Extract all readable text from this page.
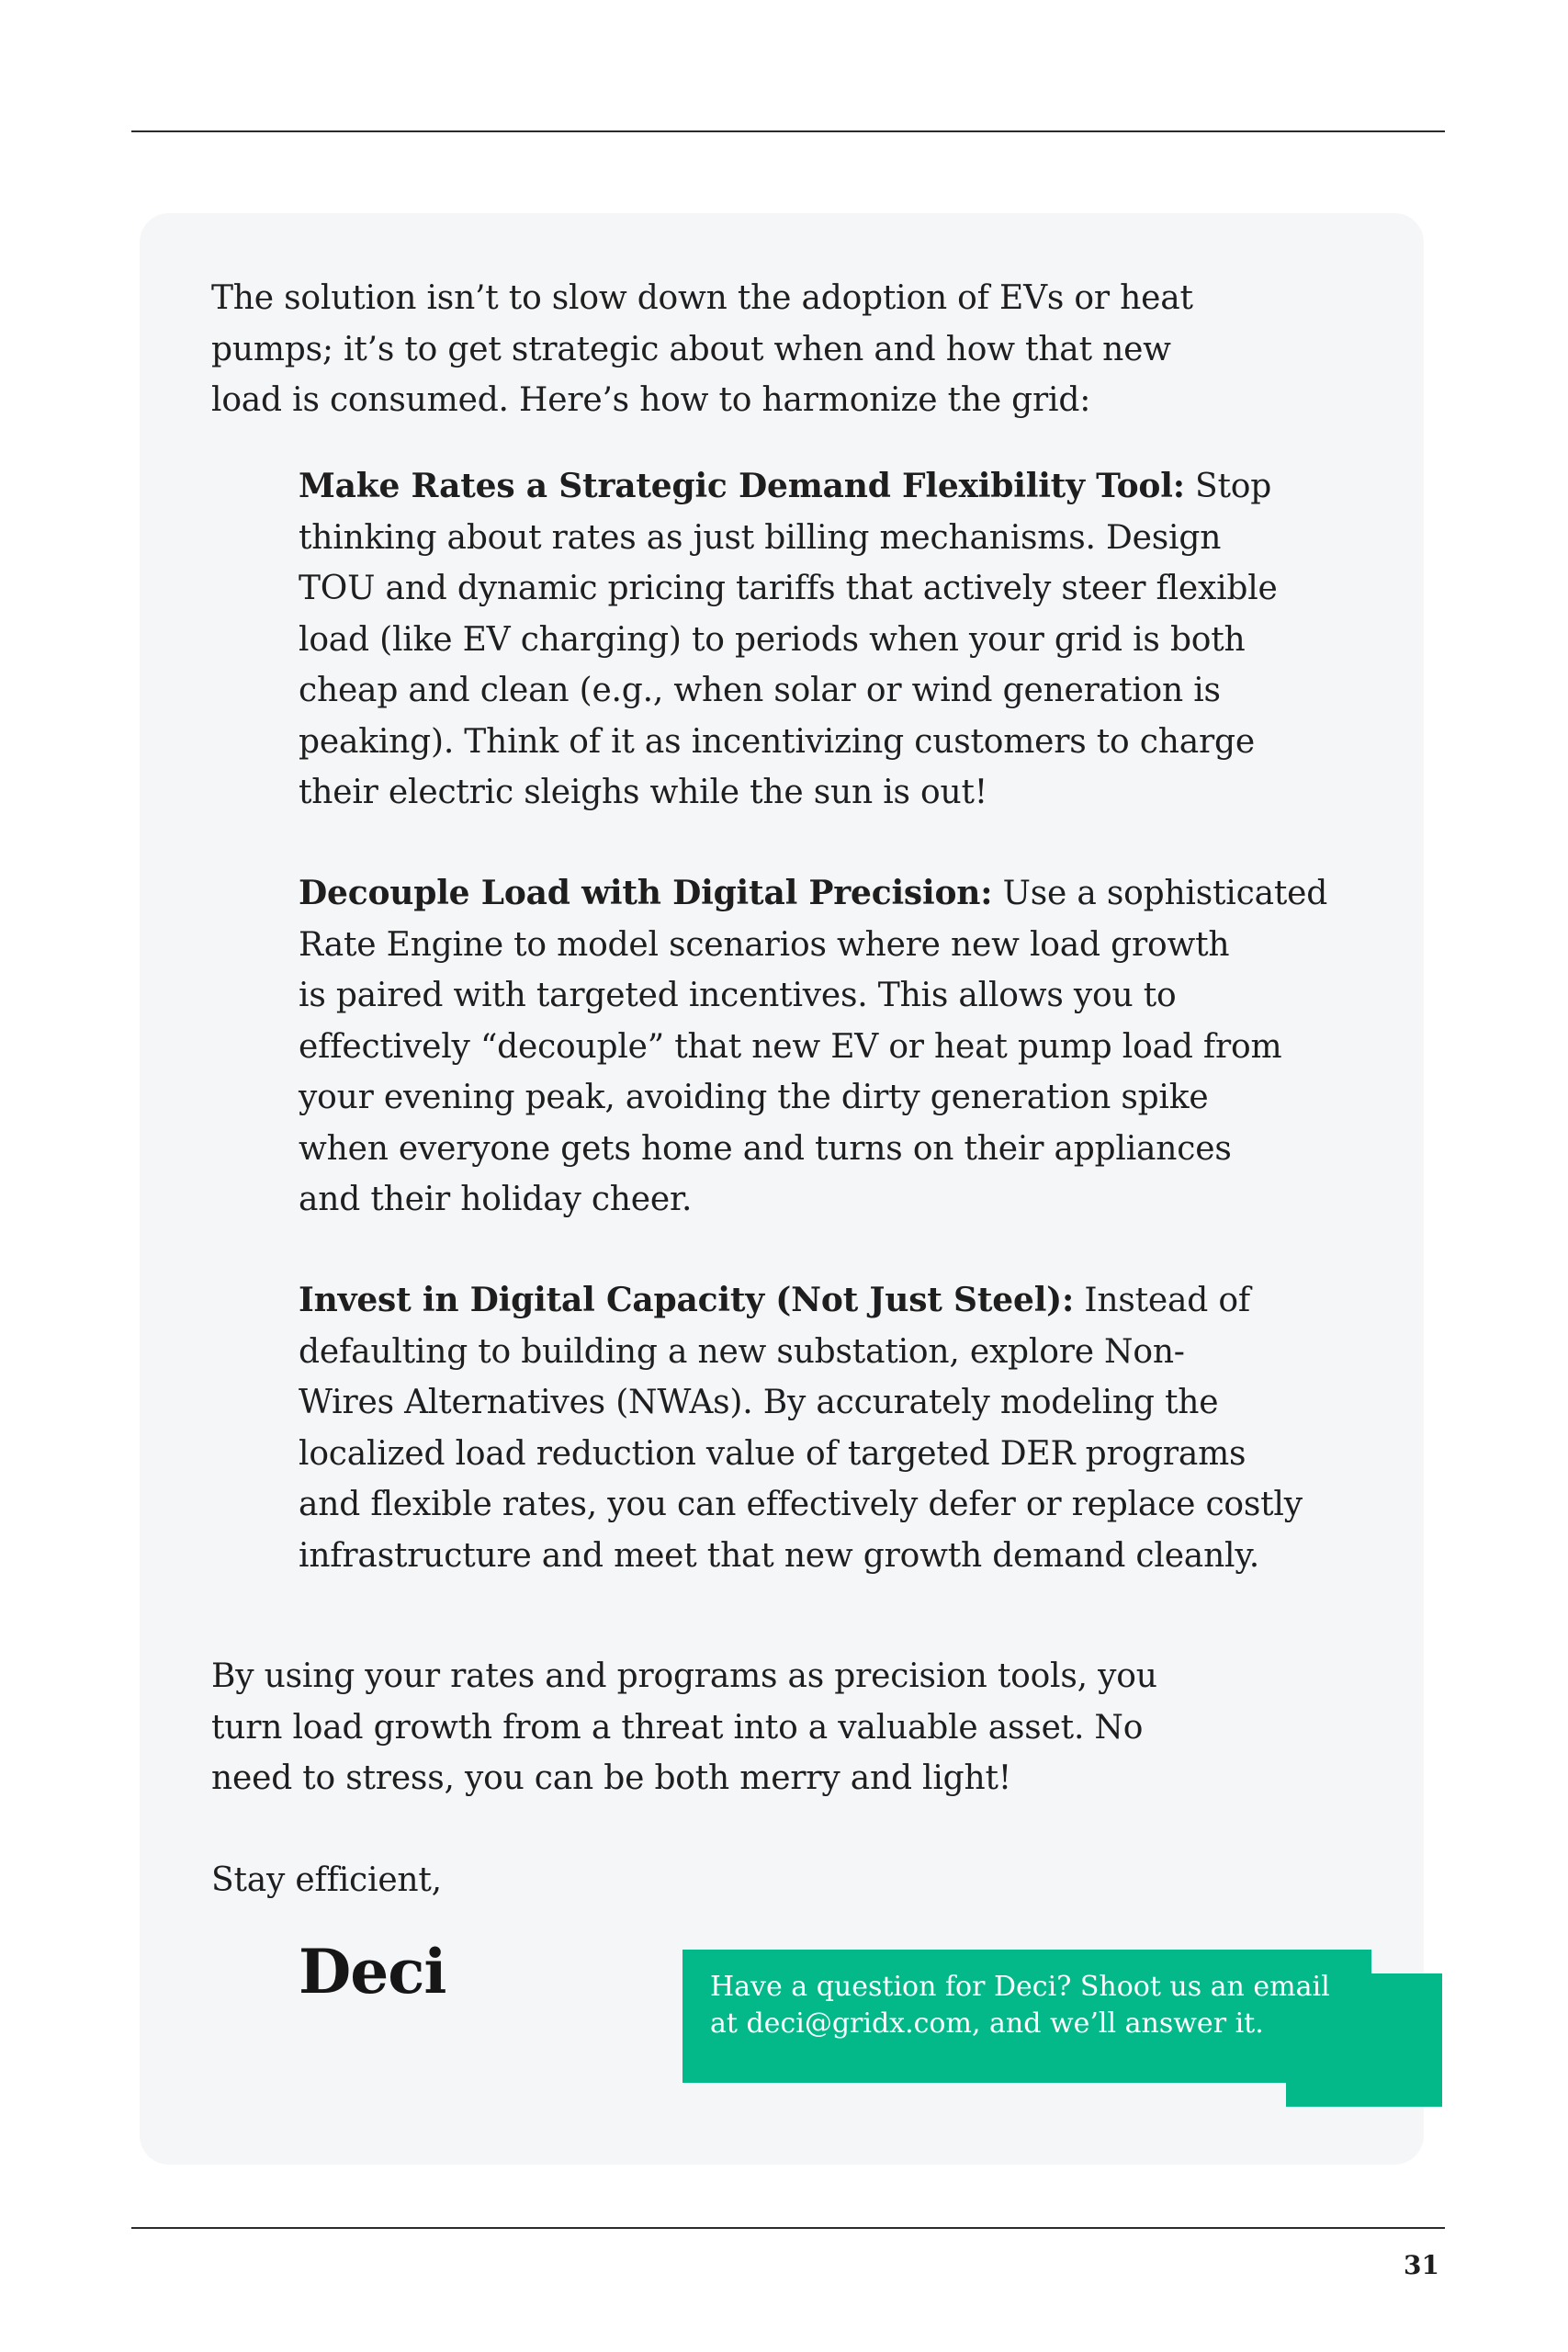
The solution isn’t to slow down the adoption of EVs or heat
pumps; it’s to get strategic about when and how that new
load is consumed. Here’s how to harmonize the grid:

Make Rates a Strategic Demand Flexibility Tool: Stop
thinking about rates as just billing mechanisms. Design
TOU and dynamic pricing tariffs that actively steer flexible
load (like EV charging) to periods when your grid is both
cheap and clean (e.g., when solar or wind generation is
peaking). Think of it as incentivizing customers to charge
their electric sleighs while the sun is out!

Decouple Load with Digital Precision: Use a sophisticated
Rate Engine to model scenarios where new load growth
is paired with targeted incentives. This allows you to
effectively “decouple” that new EV or heat pump load from
your evening peak, avoiding the dirty generation spike
when everyone gets home and turns on their appliances
and their holiday cheer.

Invest in Digital Capacity (Not Just Steel): Instead of
defaulting to building a new substation, explore Non-
Wires Alternatives (NWAs). By accurately modeling the
localized load reduction value of targeted DER programs
and flexible rates, you can effectively defer or replace costly
infrastructure and meet that new growth demand cleanly.

By using your rates and programs as precision tools, you
turn load growth from a threat into a valuable asset. No
need to stress, you can be both merry and light!

Stay efficient,

Deci	Have a question for Deci? Shoot us an email
at deci@gridx.com, and we’ll answer it.

31
